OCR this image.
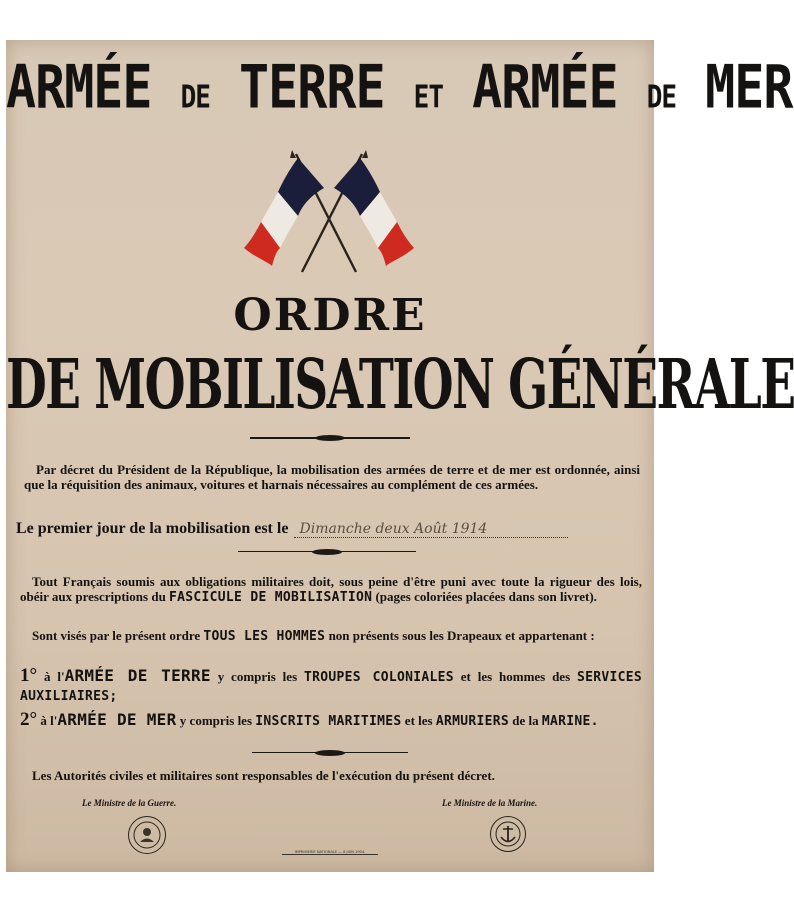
ARMÉE DE TERRE ET ARMÉE DE MER
ORDRE
DE MOBILISATION GÉNÉRALE
Par décret du Président de la République, la mobilisation des armées de terre et de mer est ordonnée, ainsi que la réquisition des animaux, voitures et harnais nécessaires au complément de ces armées.
Le premier jour de la mobilisation est le Dimanche deux Août 1914
Tout Français soumis aux obligations militaires doit, sous peine d'être puni avec toute la rigueur des lois, obéir aux prescriptions du FASCICULE DE MOBILISATION (pages coloriées placées dans son livret).
Sont visés par le présent ordre TOUS LES HOMMES non présents sous les Drapeaux et appartenant :
1° à l'ARMÉE DE TERRE y compris les TROUPES COLONIALES et les hommes des SERVICES AUXILIAIRES;
2° à l'ARMÉE DE MER y compris les INSCRITS MARITIMES et les ARMURIERS de la MARINE.
Les Autorités civiles et militaires sont responsables de l'exécution du présent décret.
Le Ministre de la Guerre.	Le Ministre de la Marine.
IMPRIMERIE NATIONALE — 8 JUIN 1904.
